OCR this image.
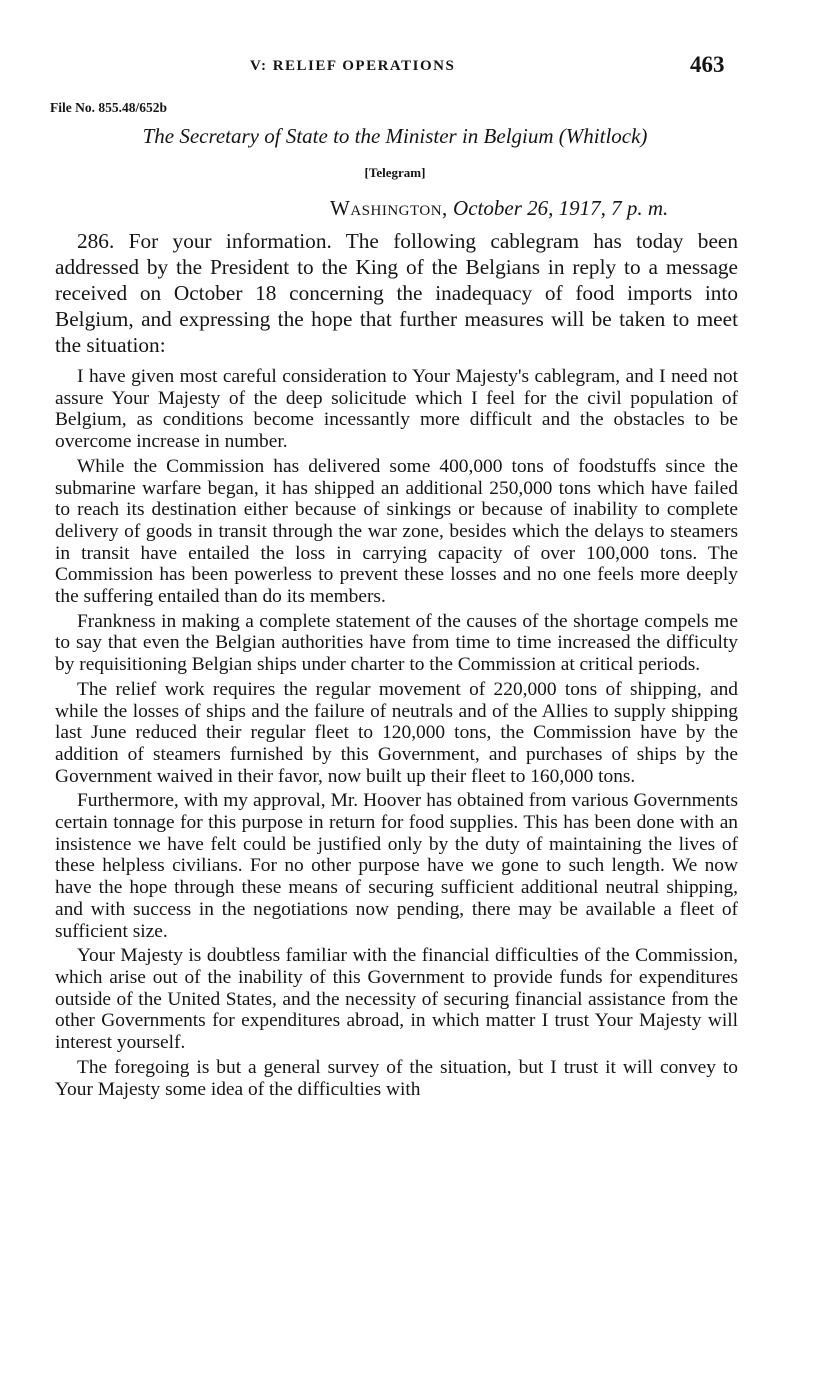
V: RELIEF OPERATIONS	463
File No. 855.48/652b
The Secretary of State to the Minister in Belgium (Whitlock)
[Telegram]
Washington, October 26, 1917, 7 p. m.

286. For your information. The following cablegram has today been addressed by the President to the King of the Belgians in reply to a message received on October 18 concerning the inadequacy of food imports into Belgium, and expressing the hope that further measures will be taken to meet the situation:

I have given most careful consideration to Your Majesty's cablegram, and I need not assure Your Majesty of the deep solicitude which I feel for the civil population of Belgium, as conditions become incessantly more difficult and the obstacles to be overcome increase in number.

While the Commission has delivered some 400,000 tons of foodstuffs since the submarine warfare began, it has shipped an additional 250,000 tons which have failed to reach its destination either because of sinkings or because of inability to complete delivery of goods in transit through the war zone, besides which the delays to steamers in transit have entailed the loss in carrying capacity of over 100,000 tons. The Commission has been powerless to prevent these losses and no one feels more deeply the suffering entailed than do its members.

Frankness in making a complete statement of the causes of the shortage compels me to say that even the Belgian authorities have from time to time increased the difficulty by requisitioning Belgian ships under charter to the Commission at critical periods.

The relief work requires the regular movement of 220,000 tons of shipping, and while the losses of ships and the failure of neutrals and of the Allies to supply shipping last June reduced their regular fleet to 120,000 tons, the Commission have by the addition of steamers furnished by this Government, and purchases of ships by the Government waived in their favor, now built up their fleet to 160,000 tons.

Furthermore, with my approval, Mr. Hoover has obtained from various Governments certain tonnage for this purpose in return for food supplies. This has been done with an insistence we have felt could be justified only by the duty of maintaining the lives of these helpless civilians. For no other purpose have we gone to such length. We now have the hope through these means of securing sufficient additional neutral shipping, and with success in the negotiations now pending, there may be available a fleet of sufficient size.

Your Majesty is doubtless familiar with the financial difficulties of the Commission, which arise out of the inability of this Government to provide funds for expenditures outside of the United States, and the necessity of securing financial assistance from the other Governments for expenditures abroad, in which matter I trust Your Majesty will interest yourself.

The foregoing is but a general survey of the situation, but I trust it will convey to Your Majesty some idea of the difficulties with
